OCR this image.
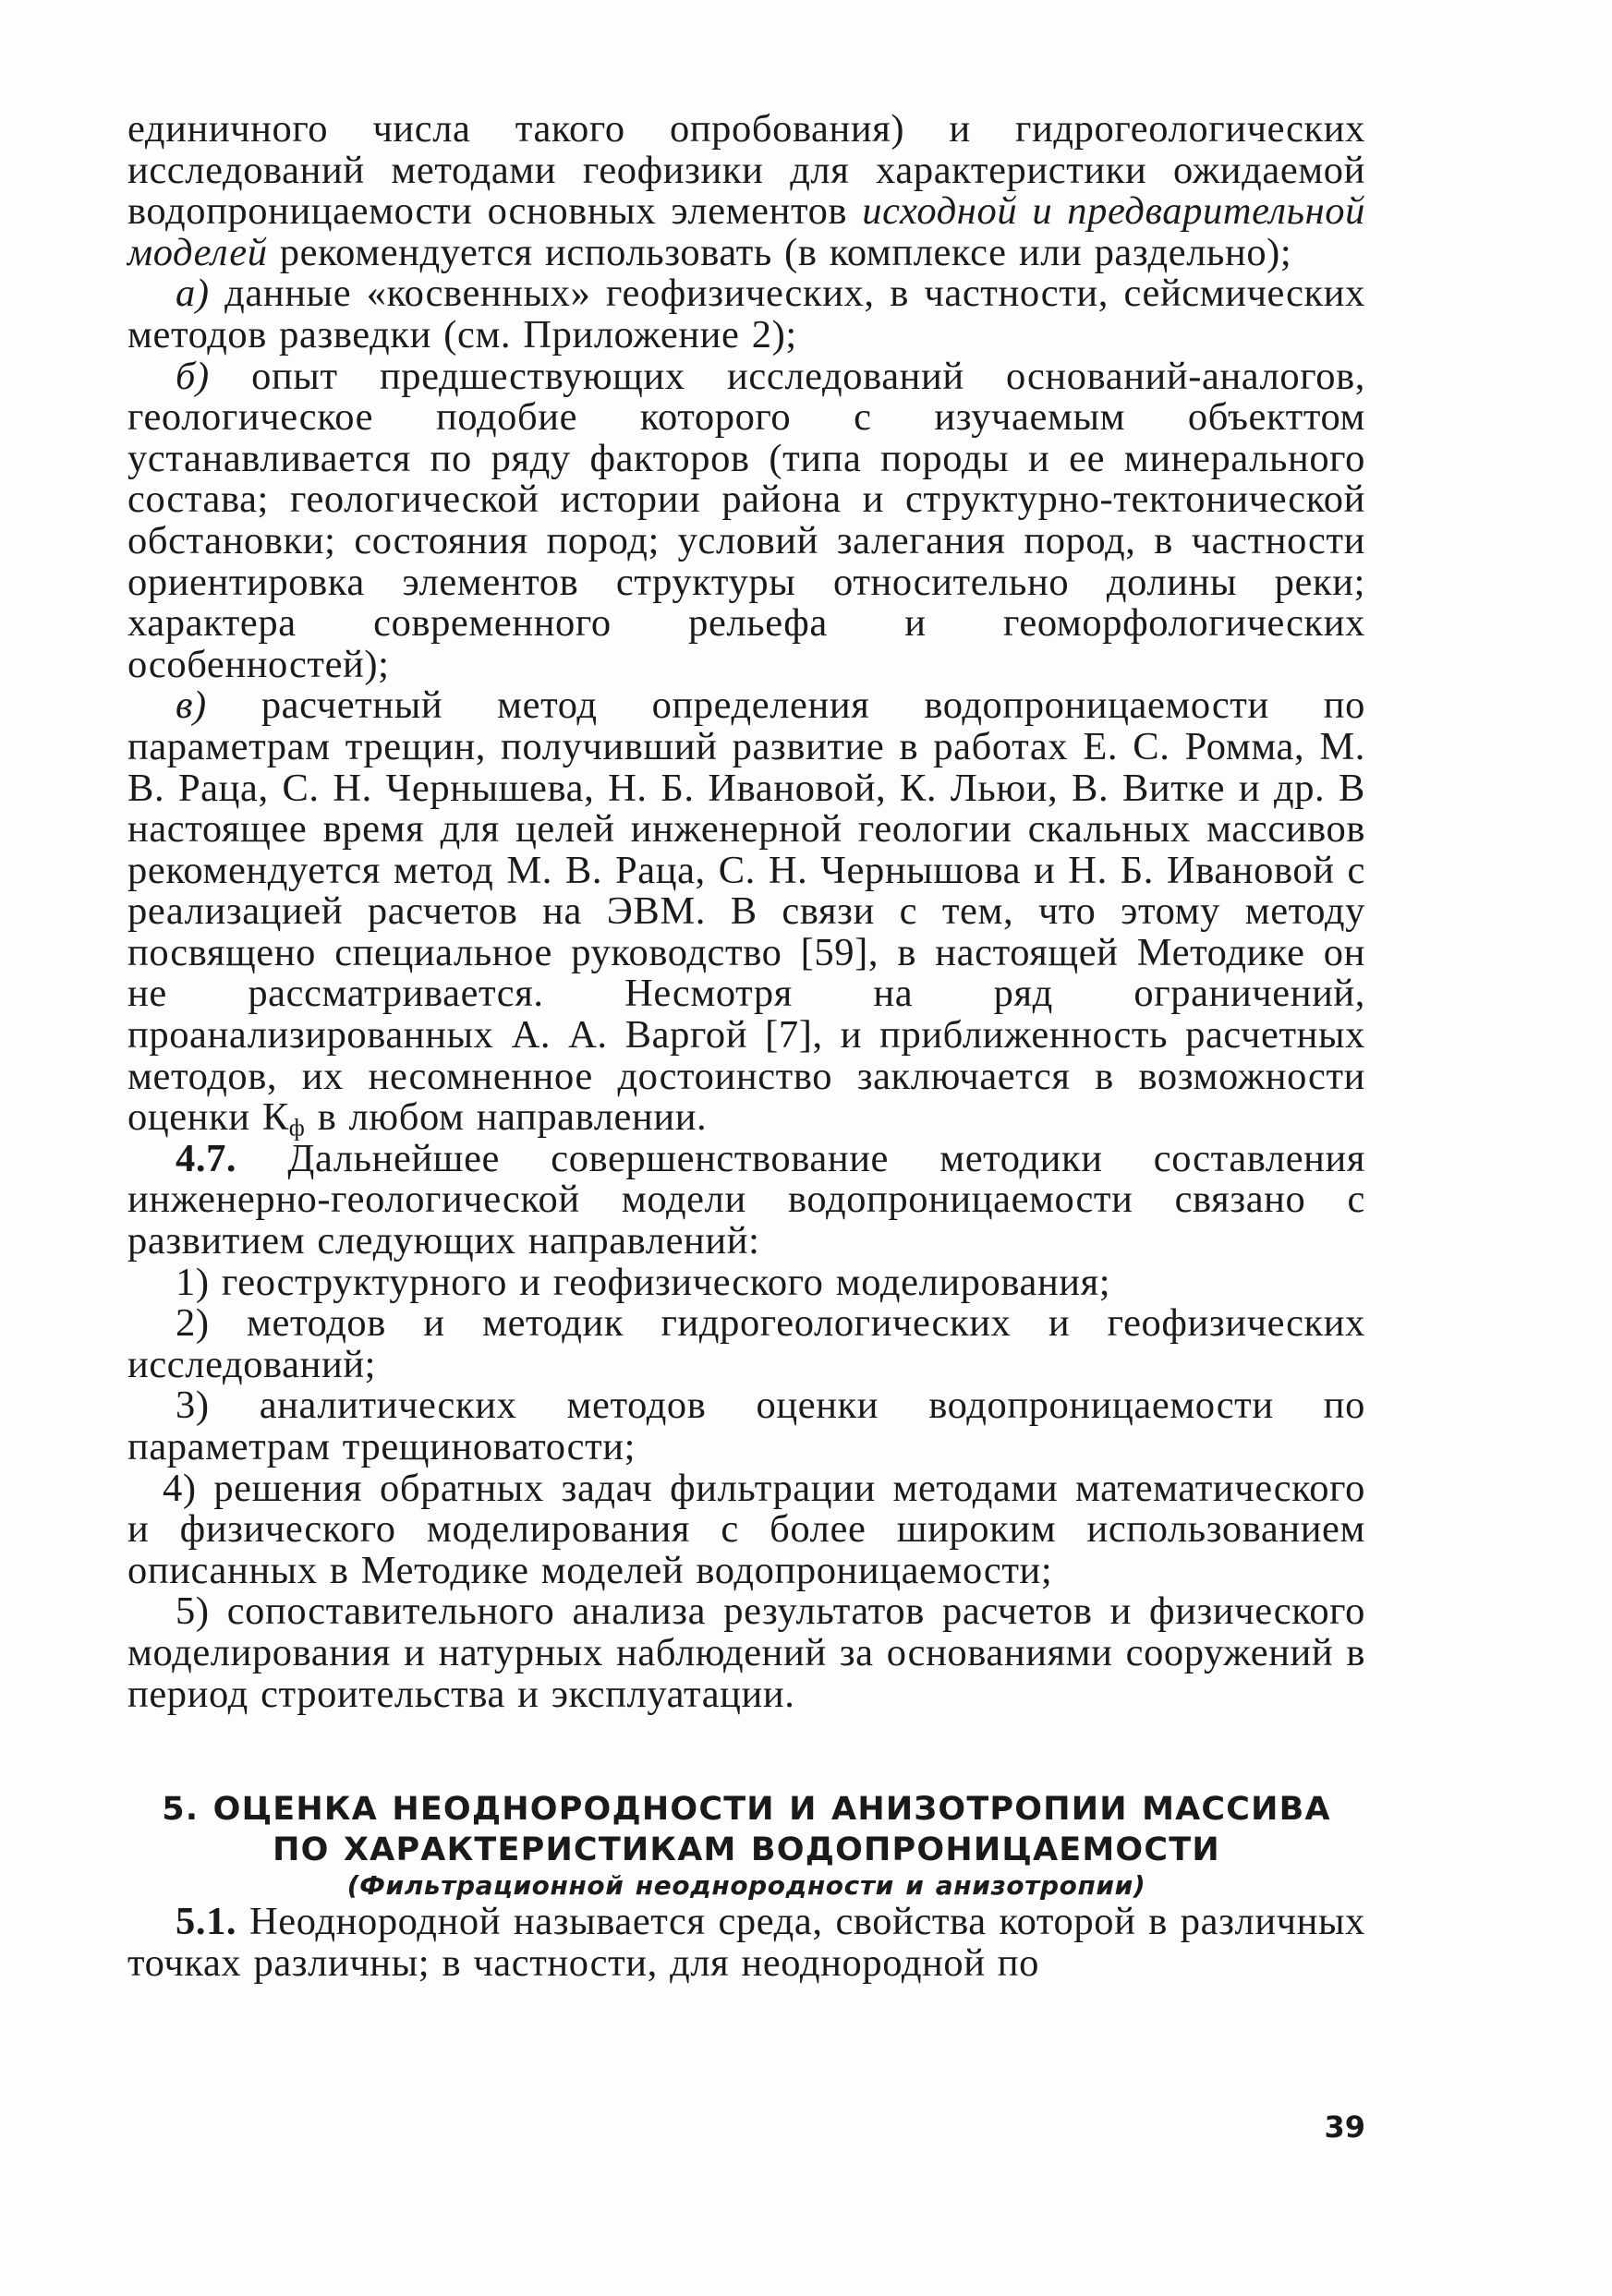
единичного числа такого опробования) и гидрогеологических исследований методами геофизики для характеристики ожидаемой водопроницаемости основных элементов исходной и предварительной моделей рекомендуется использовать (в комплексе или раздельно);

а) данные «косвенных» геофизических, в частности, сейсмических методов разведки (см. Приложение 2);

б) опыт предшествующих исследований оснований-аналогов, геологическое подобие которого с изучаемым объекттом устанавливается по ряду факторов (типа породы и ее минерального состава; геологической истории района и структурно-тектонической обстановки; состояния пород; условий залегания пород, в частности ориентировка элементов структуры относительно долины реки; характера современного рельефа и геоморфологических особенностей);

в) расчетный метод определения водопроницаемости по параметрам трещин, получивший развитие в работах Е. С. Ромма, М. В. Раца, С. Н. Чернышева, Н. Б. Ивановой, К. Льюи, В. Витке и др. В настоящее время для целей инженерной геологии скальных массивов рекомендуется метод М. В. Раца, С. Н. Чернышова и Н. Б. Ивановой с реализацией расчетов на ЭВМ. В связи с тем, что этому методу посвящено специальное руководство [59], в настоящей Методике он не рассматривается. Несмотря на ряд ограничений, проанализированных А. А. Варгой [7], и приближенность расчетных методов, их несомненное достоинство заключается в возможности оценки $К_ф$ в любом направлении.

4.7. Дальнейшее совершенствование методики составления инженерно-геологической модели водопроницаемости связано с развитием следующих направлений:

1) геоструктурного и геофизического моделирования;

2) методов и методик гидрогеологических и геофизических исследований;

3) аналитических методов оценки водопроницаемости по параметрам трещиноватости;

4) решения обратных задач фильтрации методами математического и физического моделирования с более широким использованием описанных в Методике моделей водопроницаемости;

5) сопоставительного анализа результатов расчетов и физического моделирования и натурных наблюдений за основаниями сооружений в период строительства и эксплуатации.

5. ОЦЕНКА НЕОДНОРОДНОСТИ И АНИЗОТРОПИИ МАССИВА

ПО ХАРАКТЕРИСТИКАМ ВОДОПРОНИЦАЕМОСТИ

(Фильтрационной неоднородности и анизотропии)

5.1. Неоднородной называется среда, свойства которой в различных точках различны; в частности, для неоднородной по

39
